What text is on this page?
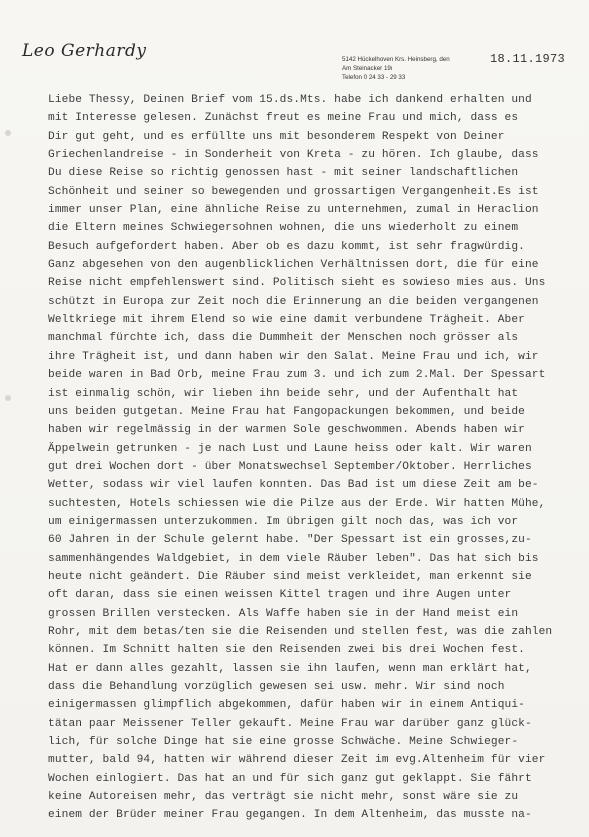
Leo Gerhardy	5142 Hückelhoven Krs. Heinsberg, den
Am Steinacker 19ı
Telefon 0 24 33 - 29 33
18.11.1973
Liebe Thessy, Deinen Brief vom 15.ds.Mts. habe ich dankend erhalten und
mit Interesse gelesen. Zunächst freut es meine Frau und mich, dass es
Dir gut geht, und es erfüllte uns mit besonderem Respekt von Deiner
Griechenlandreise - in Sonderheit von Kreta - zu hören. Ich glaube, dass
Du diese Reise so richtig genossen hast - mit seiner landschaftlichen
Schönheit und seiner so bewegenden und grossartigen Vergangenheit.Es ist
immer unser Plan, eine ähnliche Reise zu unternehmen, zumal in Heraclion
die Eltern meines Schwiegersohnen wohnen, die uns wiederholt zu einem
Besuch aufgefordert haben. Aber ob es dazu kommt, ist sehr fragwürdig.
Ganz abgesehen von den augenblicklichen Verhältnissen dort, die für eine
Reise nicht empfehlenswert sind. Politisch sieht es sowieso mies aus. Uns
schützt in Europa zur Zeit noch die Erinnerung an die beiden vergangenen
Weltkriege mit ihrem Elend so wie eine damit verbundene Trägheit. Aber
manchmal fürchte ich, dass die Dummheit der Menschen noch grösser als
ihre Trägheit ist, und dann haben wir den Salat. Meine Frau und ich, wir
beide waren in Bad Orb, meine Frau zum 3. und ich zum 2.Mal. Der Spessart
ist einmalig schön, wir lieben ihn beide sehr, und der Aufenthalt hat
uns beiden gutgetan. Meine Frau hat Fangopackungen bekommen, und beide
haben wir regelmässig in der warmen Sole geschwommen. Abends haben wir
Äppelwein getrunken - je nach Lust und Laune heiss oder kalt. Wir waren
gut drei Wochen dort - über Monatswechsel September/Oktober. Herrliches
Wetter, sodass wir viel laufen konnten. Das Bad ist um diese Zeit am be-
suchtesten, Hotels schiessen wie die Pilze aus der Erde. Wir hatten Mühe,
um einigermassen unterzukommen. Im übrigen gilt noch das, was ich vor
60 Jahren in der Schule gelernt habe. "Der Spessart ist ein grosses,zu-
sammenhängendes Waldgebiet, in dem viele Räuber leben". Das hat sich bis
heute nicht geändert. Die Räuber sind meist verkleidet, man erkennt sie
oft daran, dass sie einen weissen Kittel tragen und ihre Augen unter
grossen Brillen verstecken. Als Waffe haben sie in der Hand meist ein
Rohr, mit dem betas/ten sie die Reisenden und stellen fest, was die zahlen
können. Im Schnitt halten sie den Reisenden zwei bis drei Wochen fest.
Hat er dann alles gezahlt, lassen sie ihn laufen, wenn man erklärt hat,
dass die Behandlung vorzüglich gewesen sei usw. mehr. Wir sind noch
einigermassen glimpflich abgekommen, dafür haben wir in einem Antiqui-
tätan paar Meissener Teller gekauft. Meine Frau war darüber ganz glück-
lich, für solche Dinge hat sie eine grosse Schwäche. Meine Schwieger-
mutter, bald 94, hatten wir während dieser Zeit im evg.Altenheim für vier
Wochen einlogiert. Das hat an und für sich ganz gut geklappt. Sie fährt
keine Autoreisen mehr, das verträgt sie nicht mehr, sonst wäre sie zu
einem der Brüder meiner Frau gegangen. In dem Altenheim, das musste na-
